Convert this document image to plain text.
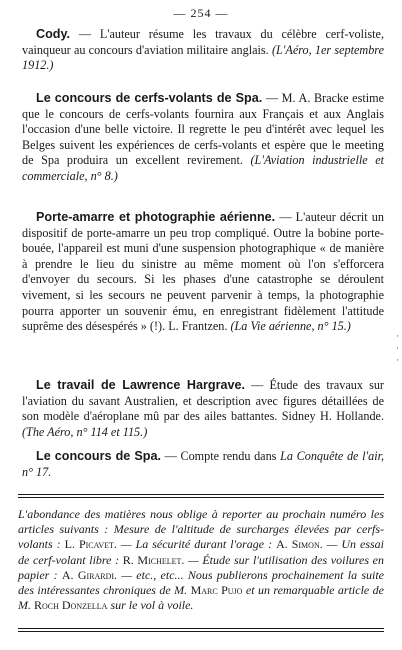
— 254 —
Cody. — L'auteur résume les travaux du célèbre cerf-voliste, vainqueur au concours d'aviation militaire anglais. (L'Aéro, 1er septembre 1912.)
Le concours de cerfs-volants de Spa. — M. A. Bracke estime que le concours de cerfs-volants fournira aux Français et aux Anglais l'occasion d'une belle victoire. Il regrette le peu d'intérêt avec lequel les Belges suivent les expériences de cerfs-volants et espère que le meeting de Spa produira un excellent revirement. (L'Aviation industrielle et commerciale, n° 8.)
Porte-amarre et photographie aérienne. — L'auteur décrit un dispositif de porte-amarre un peu trop compliqué. Outre la bobine porte-bouée, l'appareil est muni d'une suspension photographique « de manière à prendre le lieu du sinistre au même moment où l'on s'efforcera d'envoyer du secours. Si les phases d'une catastrophe se déroulent vivement, si les secours ne peuvent parvenir à temps, la photographie pourra apporter un souvenir ému, en enregistrant fidèlement l'attitude suprême des désespérés » (!). L. Frantzen. (La Vie aérienne, n° 15.)
Le travail de Lawrence Hargrave. — Étude des travaux sur l'aviation du savant Australien, et description avec figures détaillées de son modèle d'aéroplane mû par des ailes battantes. Sidney H. Hollande. (The Aéro, n° 114 et 115.)
Le concours de Spa. — Compte rendu dans La Conquête de l'air, n° 17.
L'abondance des matières nous oblige à reporter au prochain numéro les articles suivants : Mesure de l'altitude de surcharges élevées par cerfs-volants : L. Picavet. — La sécurité durant l'orage : A. Simon. — Un essai de cerf-volant libre : R. Michelet. — Étude sur l'utilisation des voilures en papier : A. Girardi. — etc., etc... Nous publierons prochainement la suite des intéressantes chroniques de M. Marc Pujo et un remarquable article de M. Roch Donzella sur le vol à voile.
·
·
·
